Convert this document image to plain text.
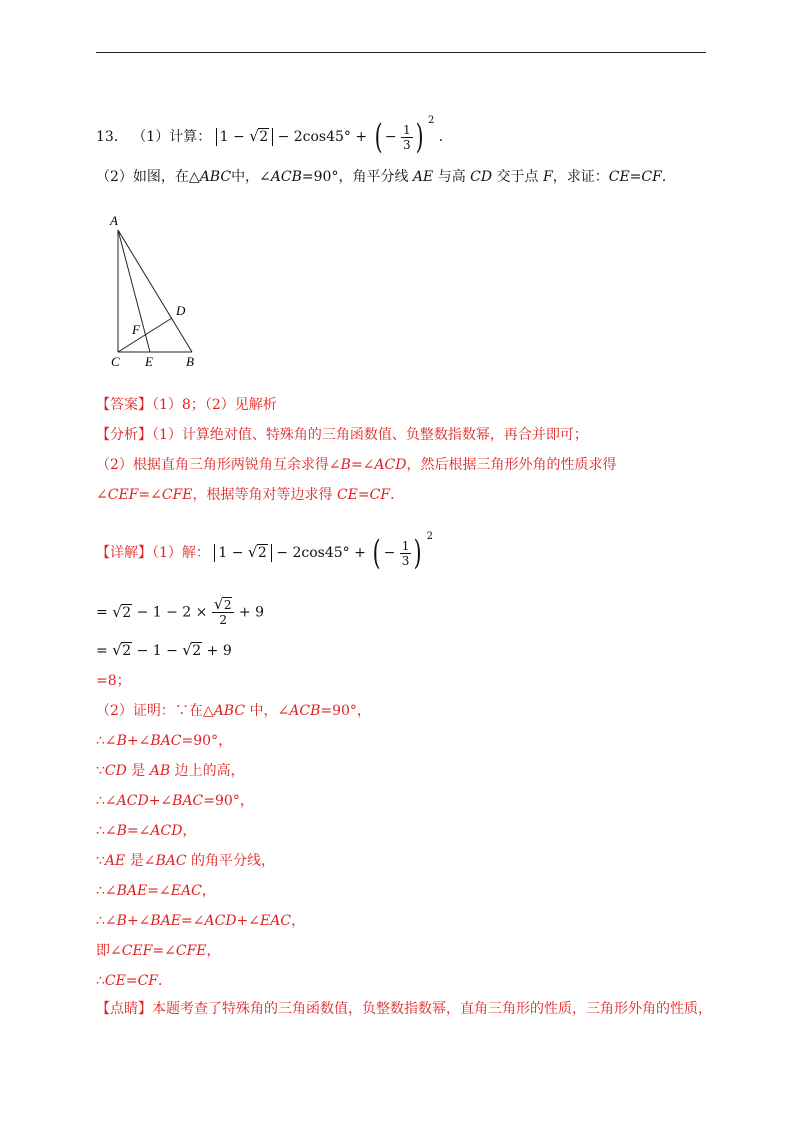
13． （1）计算： 1 − √ 2 − 2cos45° + ( − $\frac{1}{3}$ ) $^2$ ．
（2）如图，在△ABC中，∠ACB=90°，角平分线 AE 与高 CD 交于点 F，求证：CE=CF．
A
D
F
C E	B
【答案】（1）8；（2）见解析
【分析】（1）计算绝对值、特殊角的三角函数值、负整数指数幂，再合并即可；
（2）根据直角三角形两锐角互余求得∠B=∠ACD，然后根据三角形外角的性质求得
∠CEF=∠CFE，根据等角对等边求得 CE=CF．
【详解】（1）解： 1 − √ 2 − 2cos45° + ( − $\frac{1}{3}$ ) $^2$
= √ 2 − 1 − 2 × √ $\frac{2}{2} + 9$
= √ 2 − 1 − √ 2 + 9
=8；
（2）证明：∵在△ABC 中，∠ACB=90°，
∴∠B+∠BAC=90°，
∵CD 是 AB 边上的高，
∴∠ACD+∠BAC=90°，
∴∠B=∠ACD，
∵AE 是∠BAC 的角平分线，
∴∠BAE=∠EAC，
∴∠B+∠BAE=∠ACD+∠EAC，
即∠CEF=∠CFE，
∴CE=CF．
【点睛】本题考查了特殊角的三角函数值，负整数指数幂，直角三角形的性质，三角形外角的性质，
